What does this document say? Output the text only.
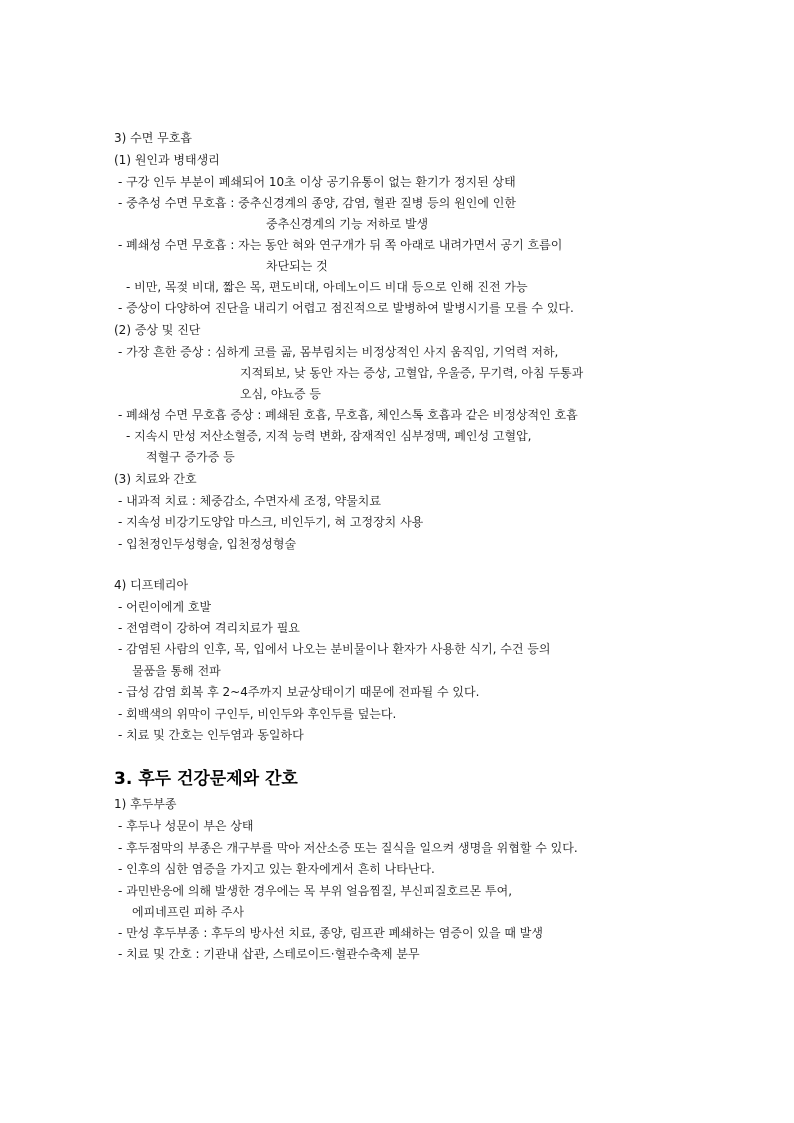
3) 수면 무호흡
(1) 원인과 병태생리
- 구강 인두 부분이 폐쇄되어 10초 이상 공기유통이 없는 환기가 정지된 상태
- 중추성 수면 무호흡 : 중추신경계의 종양, 감염, 혈관 질병 등의 원인에 인한
중추신경계의 기능 저하로 발생
- 폐쇄성 수면 무호흡 : 자는 동안 혀와 연구개가 뒤 쪽 아래로 내려가면서 공기 흐름이
차단되는 것
- 비만, 목젖 비대, 짧은 목, 편도비대, 아데노이드 비대 등으로 인해 진전 가능
- 증상이 다양하여 진단을 내리기 어렵고 점진적으로 발병하여 발병시기를 모를 수 있다.
(2) 증상 및 진단
- 가장 흔한 증상 : 심하게 코를 곪, 몸부림치는 비정상적인 사지 움직임, 기억력 저하,
지적퇴보, 낮 동안 자는 증상, 고혈압, 우울증, 무기력, 아침 두통과
오심, 야뇨증 등
- 폐쇄성 수면 무호흡 증상 : 폐쇄된 호흡, 무호흡, 체인스톡 호흡과 같은 비정상적인 호흡
- 지속시 만성 저산소혈증, 지적 능력 변화, 잠재적인 심부정맥, 폐인성 고혈압,
적혈구 증가증 등
(3) 치료와 간호
- 내과적 치료 : 체중감소, 수면자세 조정, 약물치료
- 지속성 비강기도양압 마스크, 비인두기, 혀 고정장치 사용
- 입천정인두성형술, 입천정성형술
4) 디프테리아
- 어린이에게 호발
- 전염력이 강하여 격리치료가 필요
- 감염된 사람의 인후, 목, 입에서 나오는 분비물이나 환자가 사용한 식기, 수건 등의
물품을 통해 전파
- 급성 감염 회복 후 2~4주까지 보균상태이기 때문에 전파될 수 있다.
- 회백색의 위막이 구인두, 비인두와 후인두를 덮는다.
- 치료 및 간호는 인두염과 동일하다
3. 후두 건강문제와 간호
1) 후두부종
- 후두나 성문이 부은 상태
- 후두점막의 부종은 개구부를 막아 저산소증 또는 질식을 일으켜 생명을 위협할 수 있다.
- 인후의 심한 염증을 가지고 있는 환자에게서 흔히 나타난다.
- 과민반응에 의해 발생한 경우에는 목 부위 얼음찜질, 부신피질호르몬 투여,
에피네프린 피하 주사
- 만성 후두부종 : 후두의 방사선 치료, 종양, 림프관 폐쇄하는 염증이 있을 때 발생
- 치료 및 간호 : 기관내 삽관, 스테로이드·혈관수축제 분무
